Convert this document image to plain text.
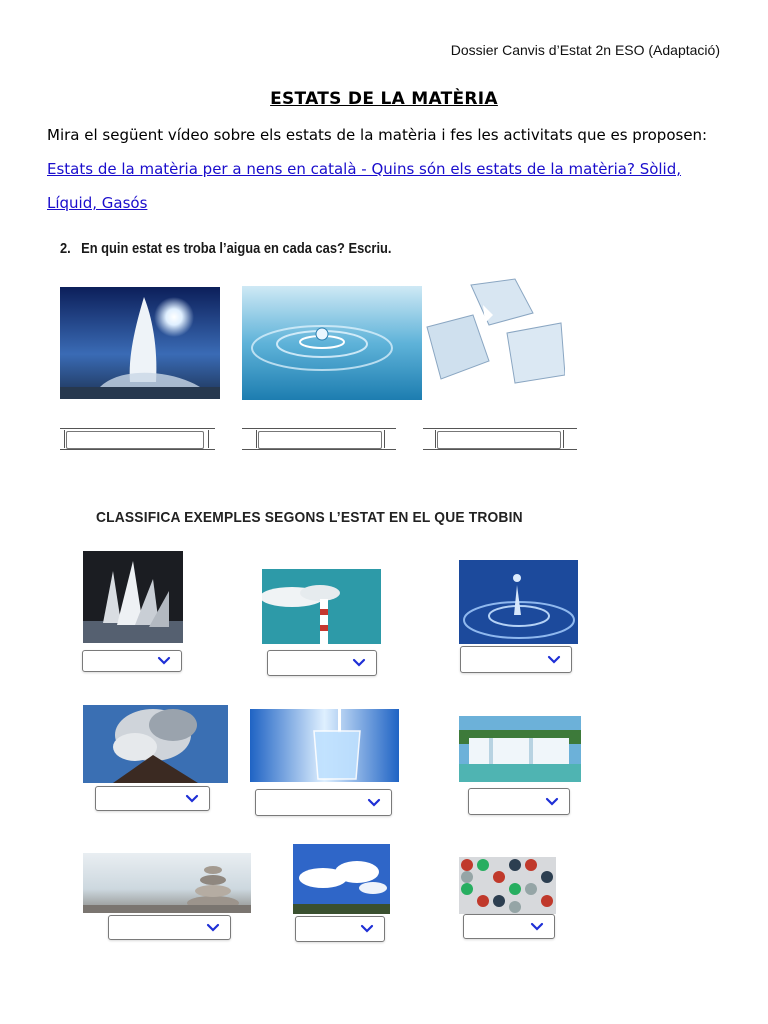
Dossier Canvis d’Estat 2n ESO (Adaptació)
ESTATS DE LA MATÈRIA
Mira el següent vídeo sobre els estats de la matèria i fes les activitats que es proposen: Estats de la matèria per a nens en català - Quins són els estats de la matèria? Sòlid, Líquid, Gasós
2. En quin estat es troba l’aigua en cada cas? Escriu.
CLASSIFICA EXEMPLES SEGONS L’ESTAT EN EL QUE TROBIN
